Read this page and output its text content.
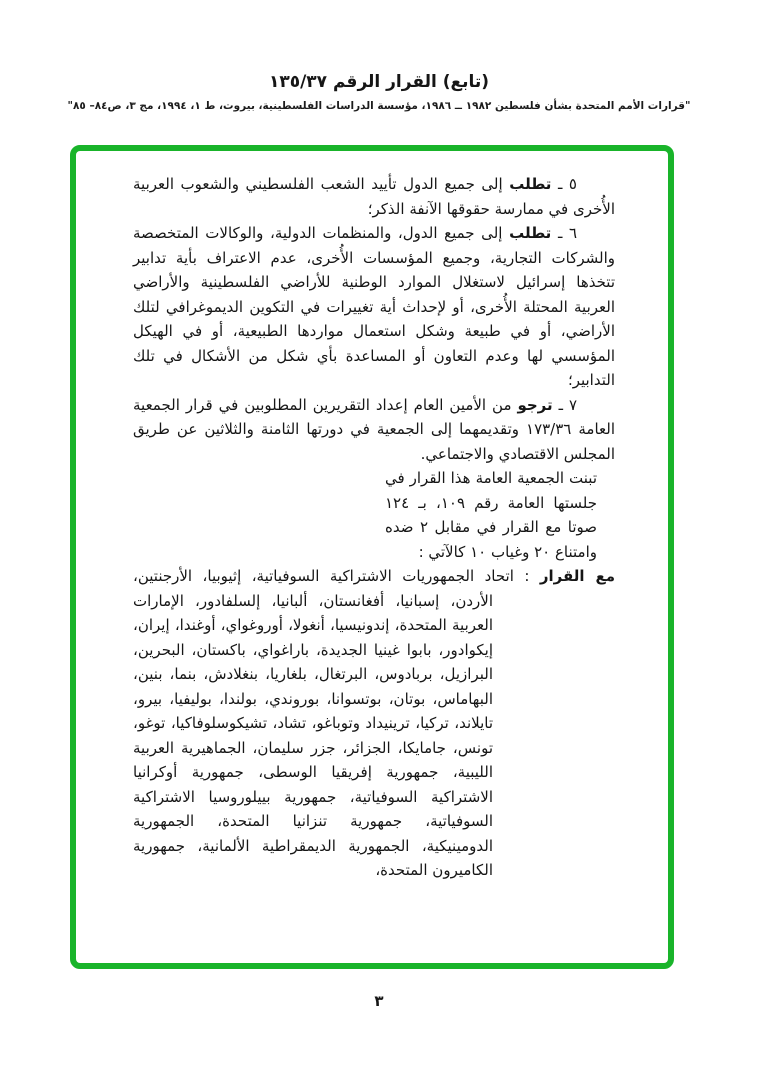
(تابع) القرار الرقم ١٣٥/٣٧
"قرارات الأمم المتحدة بشأن فلسطين ١٩٨٢ ــ ١٩٨٦، مؤسسة الدراسات الفلسطينية، بيروت، ط ١، ١٩٩٤، مج ٣، ص٨٤– ٨٥"

٥ ـ تطلب إلى جميع الدول تأييد الشعب الفلسطيني والشعوب العربية الأُخرى في ممارسة حقوقها الآنفة الذكر؛

٦ ـ تطلب إلى جميع الدول، والمنظمات الدولية، والوكالات المتخصصة والشركات التجارية، وجميع المؤسسات الأُخرى، عدم الاعتراف بأية تدابير تتخذها إسرائيل لاستغلال الموارد الوطنية للأراضي الفلسطينية والأراضي العربية المحتلة الأُخرى، أو لإحداث أية تغييرات في التكوين الديموغرافي لتلك الأراضي، أو في طبيعة وشكل استعمال مواردها الطبيعية، أو في الهيكل المؤسسي لها وعدم التعاون أو المساعدة بأي شكل من الأشكال في تلك التدابير؛

٧ ـ ترجو من الأمين العام إعداد التقريرين المطلوبين في قرار الجمعية العامة ١٧٣/٣٦ وتقديمهما إلى الجمعية في دورتها الثامنة والثلاثين عن طريق المجلس الاقتصادي والاجتماعي.

تبنت الجمعية العامة هذا القرار في جلستها العامة رقم ١٠٩، بـ ١٢٤ صوتا مع القرار في مقابل ٢ ضده وامتناع ٢٠ وغياب ١٠ كالآتي :

مع القرار : اتحاد الجمهوريات الاشتراكية السوفياتية، إثيوبيا، الأرجنتين، الأردن، إسبانيا، أفغانستان، ألبانيا، إلسلفادور، الإمارات العربية المتحدة، إندونيسيا، أنغولا، أوروغواي، أوغندا، إيران، إيكوادور، بابوا غينيا الجديدة، باراغواي، باكستان، البحرين، البرازيل، بربادوس، البرتغال، بلغاريا، بنغلادش، بنما، بنين، البهاماس، بوتان، بوتسوانا، بوروندي، بولندا، بوليفيا، بيرو، تايلاند، تركيا، ترينيداد وتوباغو، تشاد، تشيكوسلوفاكيا، توغو، تونس، جامايكا، الجزائر، جزر سليمان، الجماهيرية العربية الليبية، جمهورية إفريقيا الوسطى، جمهورية أوكرانيا الاشتراكية السوفياتية، جمهورية بييلوروسيا الاشتراكية السوفياتية، جمهورية تنزانيا المتحدة، الجمهورية الدومينيكية، الجمهورية الديمقراطية الألمانية، جمهورية الكاميرون المتحدة،

٣
